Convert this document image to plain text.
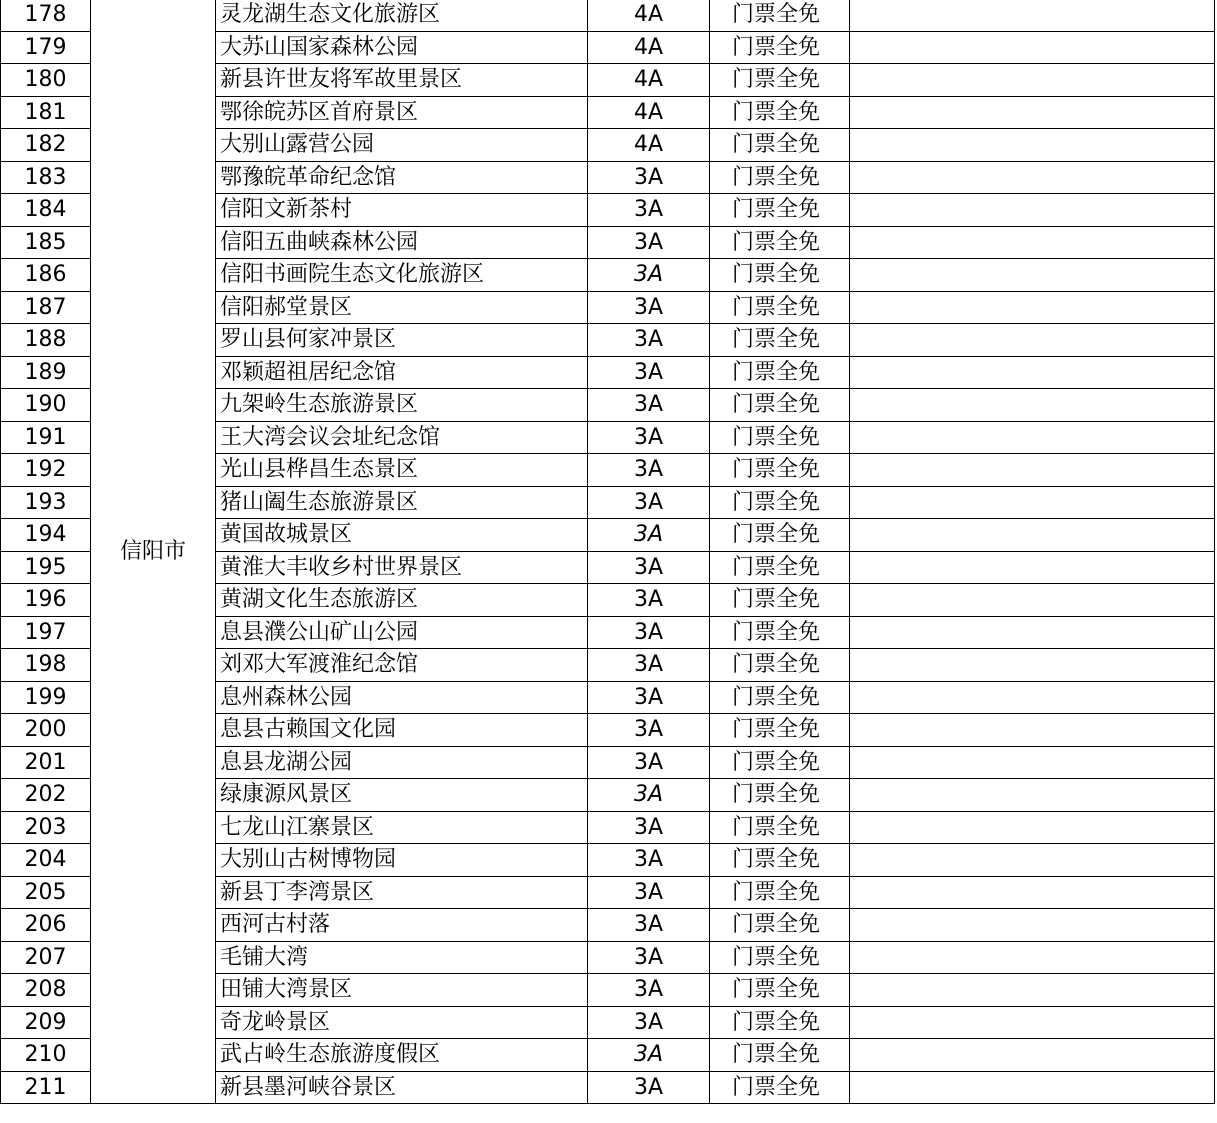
178	信阳市	灵龙湖生态文化旅游区	4A	门票全免	
179		大苏山国家森林公园	4A	门票全免	
180		新县许世友将军故里景区	4A	门票全免	
181		鄂徐皖苏区首府景区	4A	门票全免	
182		大别山露营公园	4A	门票全免	
183		鄂豫皖革命纪念馆	3A	门票全免	
184		信阳文新茶村	3A	门票全免	
185		信阳五曲峡森林公园	3A	门票全免	
186		信阳书画院生态文化旅游区	3A	门票全免	
187		信阳郝堂景区	3A	门票全免	
188		罗山县何家冲景区	3A	门票全免	
189		邓颖超祖居纪念馆	3A	门票全免	
190		九架岭生态旅游景区	3A	门票全免	
191		王大湾会议会址纪念馆	3A	门票全免	
192		光山县桦昌生态景区	3A	门票全免	
193		猪山阖生态旅游景区	3A	门票全免	
194		黄国故城景区	3A	门票全免	
195		黄淮大丰收乡村世界景区	3A	门票全免	
196		黄湖文化生态旅游区	3A	门票全免	
197		息县濮公山矿山公园	3A	门票全免	
198		刘邓大军渡淮纪念馆	3A	门票全免	
199		息州森林公园	3A	门票全免	
200		息县古赖国文化园	3A	门票全免	
201		息县龙湖公园	3A	门票全免	
202		绿康源风景区	3A	门票全免	
203		七龙山江寨景区	3A	门票全免	
204		大别山古树博物园	3A	门票全免	
205		新县丁李湾景区	3A	门票全免	
206		西河古村落	3A	门票全免	
207		毛铺大湾	3A	门票全免	
208		田铺大湾景区	3A	门票全免	
209		奇龙岭景区	3A	门票全免	
210		武占岭生态旅游度假区	3A	门票全免	
211		新县墨河峡谷景区	3A	门票全免	
